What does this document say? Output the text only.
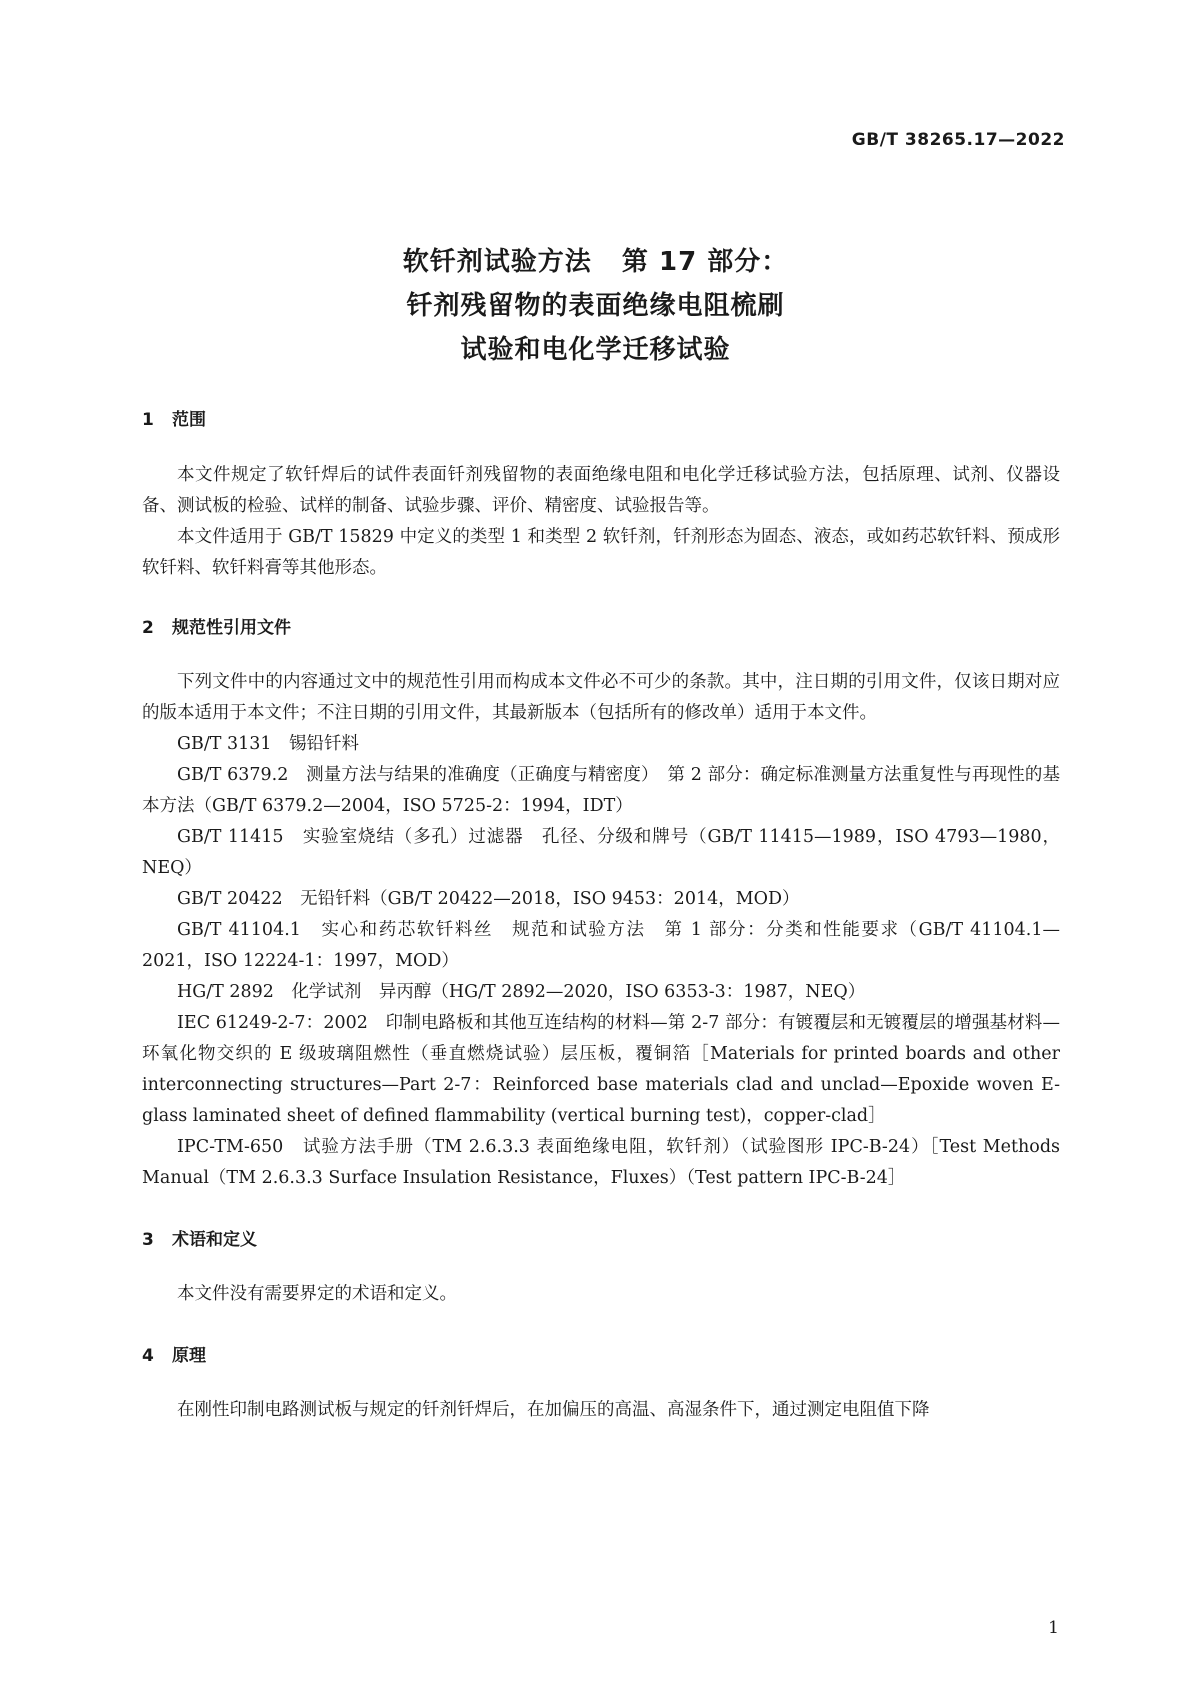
GB/T 38265.17—2022
软钎剂试验方法   第 17 部分：
钎剂残留物的表面绝缘电阻梳刷
试验和电化学迁移试验
1 范围

本文件规定了软钎焊后的试件表面钎剂残留物的表面绝缘电阻和电化学迁移试验方法，包括原理、试剂、仪器设备、测试板的检验、试样的制备、试验步骤、评价、精密度、试验报告等。

本文件适用于 GB/T 15829 中定义的类型 1 和类型 2 软钎剂，钎剂形态为固态、液态，或如药芯软钎料、预成形软钎料、软钎料膏等其他形态。

2 规范性引用文件

下列文件中的内容通过文中的规范性引用而构成本文件必不可少的条款。其中，注日期的引用文件，仅该日期对应的版本适用于本文件；不注日期的引用文件，其最新版本（包括所有的修改单）适用于本文件。

GB/T 3131　 锡铅钎料

GB/T 6379.2　 测量方法与结果的准确度（正确度与精密度）　第 2 部分：确定标准测量方法重复性与再现性的基本方法（GB/T 6379.2—2004，ISO 5725-2：1994，IDT）

GB/T 11415　 实验室烧结（多孔）过滤器　孔径、分级和牌号（GB/T 11415—1989，ISO 4793—1980，NEQ）

GB/T 20422　 无铅钎料（GB/T 20422—2018，ISO 9453：2014，MOD）

GB/T 41104.1　 实心和药芯软钎料丝　规范和试验方法　第 1 部分：分类和性能要求（GB/T 41104.1—2021，ISO 12224-1：1997，MOD）

HG/T 2892　 化学试剂　异丙醇（HG/T 2892—2020，ISO 6353-3：1987，NEQ）

IEC 61249-2-7：2002　 印制电路板和其他互连结构的材料—第 2-7 部分：有镀覆层和无镀覆层的增强基材料—环氧化物交织的 E 级玻璃阻燃性（垂直燃烧试验）层压板，覆铜箔［Materials for printed boards and other interconnecting structures—Part 2-7：Reinforced base materials clad and unclad—Epoxide woven E-glass laminated sheet of defined flammability (vertical burning test)，copper-clad］

IPC-TM-650　 试验方法手册（TM 2.6.3.3 表面绝缘电阻，软钎剂）（试验图形 IPC-B-24）［Test Methods Manual（TM 2.6.3.3 Surface Insulation Resistance，Fluxes）（Test pattern IPC-B-24］

3 术语和定义

本文件没有需要界定的术语和定义。

4 原理

在刚性印制电路测试板与规定的钎剂钎焊后，在加偏压的高温、高湿条件下，通过测定电阻值下降

1
